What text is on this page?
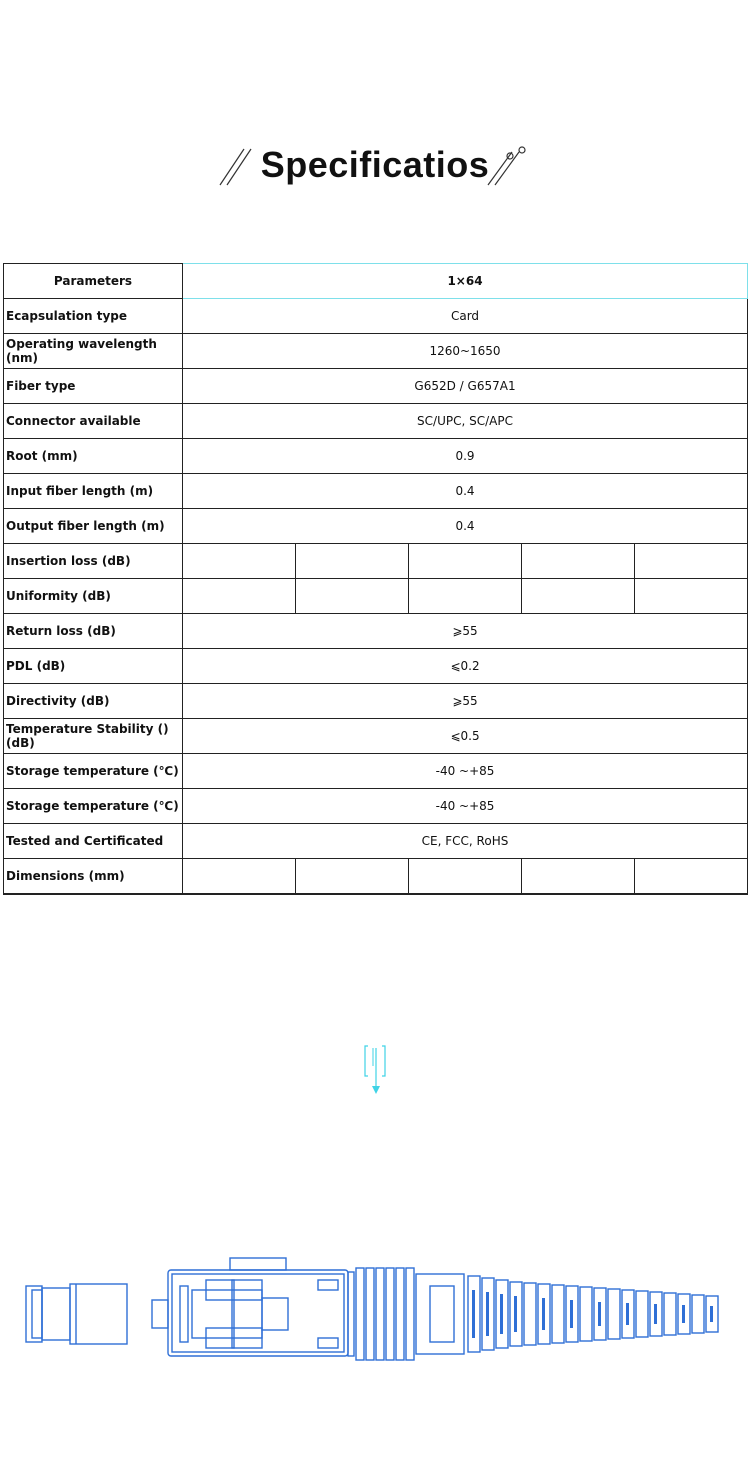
Specificatios
Parameters	1×64				
Ecapsulation type	Card				
Operating wavelength (nm)	1260~1650				
Fiber type	G652D / G657A1				
Connector available	SC/UPC, SC/APC				
Root (mm)	0.9				
Input fiber length (m)	0.4				
Output fiber length (m)	0.4				
Insertion loss (dB)					
Uniformity (dB)					
Return loss (dB)	⩾55				
PDL (dB)	⩽0.2				
Directivity (dB)	⩾55				
Temperature Stability () (dB)	⩽0.5				
Storage temperature (℃)	-40 ~+85				
Storage temperature (℃)	-40 ~+85				
Tested and Certificated	CE, FCC, RoHS				
Dimensions (mm)					
